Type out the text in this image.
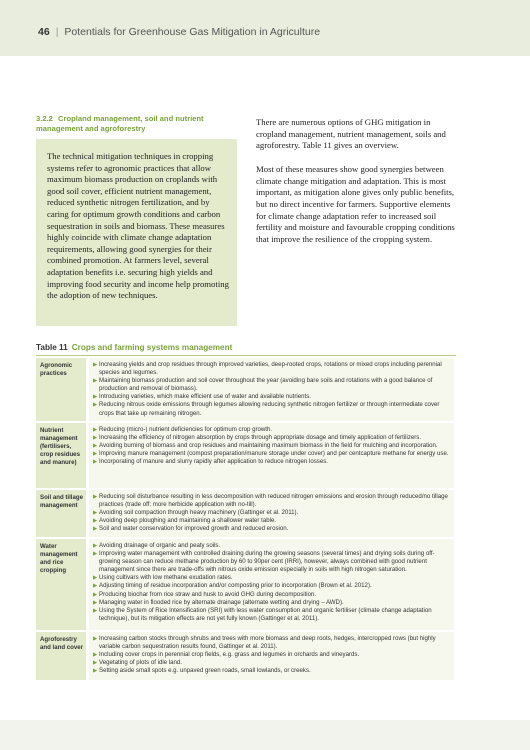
46 | Potentials for Greenhouse Gas Mitigation in Agriculture
3.2.2 Cropland management, soil and nutrient management and agroforestry
The technical mitigation techniques in cropping systems refer to agronomic practices that allow maximum biomass production on croplands with good soil cover, efficient nutrient management, reduced synthetic nitrogen fertilization, and by caring for optimum growth conditions and carbon sequestration in soils and biomass. These measures highly coincide with climate change adaptation requirements, allowing good synergies for their combined promotion. At farmers level, several adaptation benefits i.e. securing high yields and improving food security and income help promoting the adoption of new techniques.

There are numerous options of GHG mitigation in cropland management, nutrient management, soils and agroforestry. Table 11 gives an overview.

Most of these measures show good synergies between climate change mitigation and adaptation. This is most important, as mitigation alone gives only public benefits, but no direct incentive for farmers. Supportive elements for climate change adaptation refer to increased soil fertility and moisture and favourable cropping conditions that improve the resilience of the cropping system.

Table 11 Crops and farming systems management
Agronomic practices
▶ Increasing yields and crop residues through improved varieties, deep-rooted crops, rotations or mixed crops including perennial species and legumes.
▶ Maintaining biomass production and soil cover throughout the year (avoiding bare soils and rotations with a good balance of production and removal of biomass).
▶ Introducing varieties, which make efficient use of water and available nutrients.
▶ Reducing nitrous oxide emissions through legumes allowing reducing synthetic nitrogen fertilizer or through intermediate cover crops that take up remaining nitrogen.
Nutrient management (fertilisers, crop residues and manure)
▶ Reducing (micro-) nutrient deficiencies for optimum crop growth.
▶ Increasing the efficiency of nitrogen absorption by crops through appropriate dosage and timely application of fertilizers.
▶ Avoiding burning of biomass and crop residues and maintaining maximum biomass in the field for mulching and incorporation.
▶ Improving manure management (compost preparation/manure storage under cover) and per centcapture methane for energy use.
▶ Incorporating of manure and slurry rapidly after application to reduce nitrogen losses.
Soil and tillage management
▶ Reducing soil disturbance resulting in less decomposition with reduced nitrogen emissions and erosion through reduced/no tillage practices (trade off: more herbicide application with no-till).
▶ Avoiding soil compaction through heavy machinery (Gattinger et al. 2011).
▶ Avoiding deep ploughing and maintaining a shallower water table.
▶ Soil and water conservation for improved growth and reduced erosion.
Water management and rice cropping
▶ Avoiding drainage of organic and peaty soils.
▶ Improving water management with controlled draining during the growing seasons (several times) and drying soils during off-growing season can reduce methane production by 60 to 90per cent (IRRI), however, always combined with good nutrient management since there are trade-offs with nitrous oxide emission especially in soils with high nitrogen saturation.
▶ Using cultivars with low methane exudation rates.
▶ Adjusting timing of residue incorporation and/or composting prior to incorporation (Brown et al. 2012).
▶ Producing biochar from rice straw and husk to avoid GHG during decomposition.
▶ Managing water in flooded rice by alternate drainage (alternate wetting and drying – AWD).
▶ Using the System of Rice Intensification (SRI) with less water consumption and organic fertiliser (climate change adaptation technique), but its mitigation effects are not yet fully known (Gattinger et al. 2011).
Agroforestry and land cover
▶ Increasing carbon stocks through shrubs and trees with more biomass and deep roots, hedges, intercropped rows (but highly variable carbon sequestration results found, Gattinger et al. 2011).
▶ Including cover crops in perennial crop fields, e.g. grass and legumes in orchards and vineyards.
▶ Vegetating of plots of idle land.
▶ Setting aside small spots e.g. unpaved green roads, small lowlands, or creeks.
